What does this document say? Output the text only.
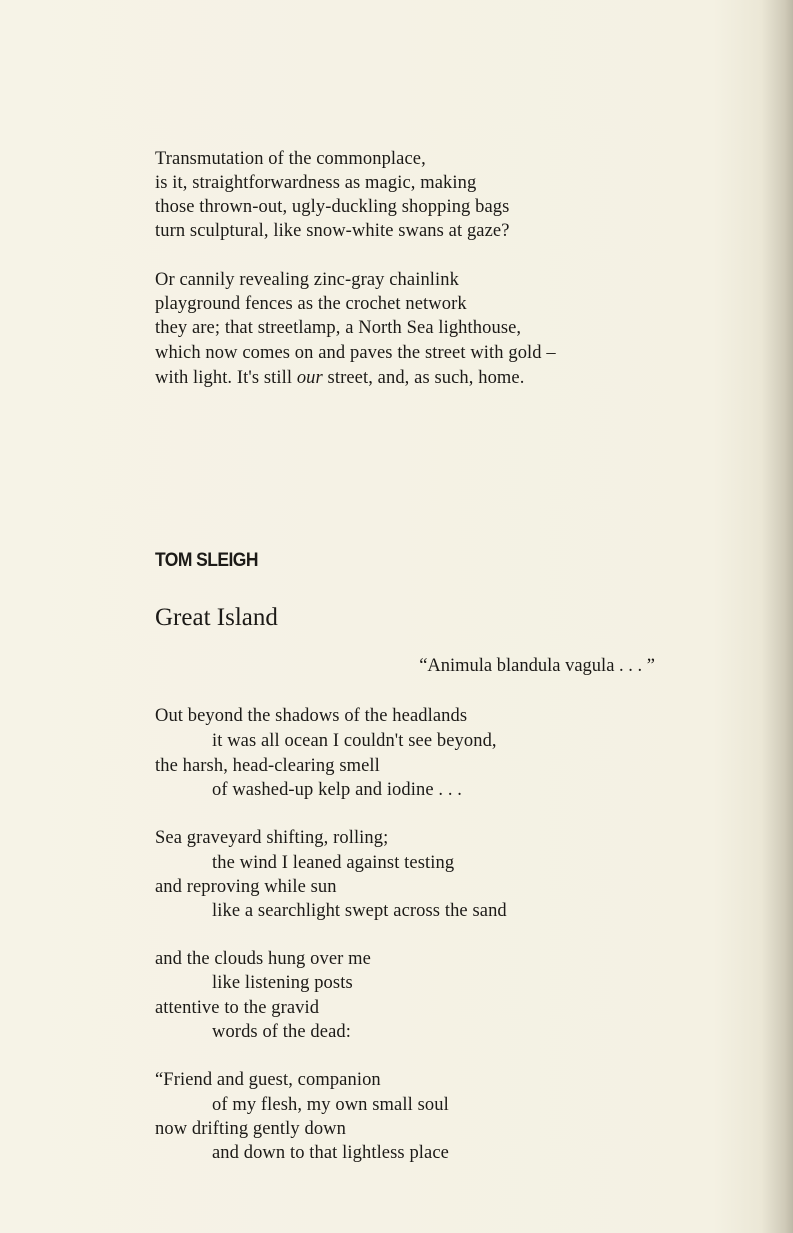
Transmutation of the commonplace,
is it, straightforwardness as magic, making
those thrown-out, ugly-duckling shopping bags
turn sculptural, like snow-white swans at gaze?
Or cannily revealing zinc-gray chainlink
playground fences as the crochet network
they are; that streetlamp, a North Sea lighthouse,
which now comes on and paves the street with gold –
with light. It's still our street, and, as such, home.
TOM SLEIGH
Great Island
“Animula blandula vagula . . . ”
Out beyond the shadows of the headlands
it was all ocean I couldn't see beyond,
the harsh, head-clearing smell
of washed-up kelp and iodine . . .
Sea graveyard shifting, rolling;
the wind I leaned against testing
and reproving while sun
like a searchlight swept across the sand
and the clouds hung over me
like listening posts
attentive to the gravid
words of the dead:
“Friend and guest, companion
of my flesh, my own small soul
now drifting gently down
and down to that lightless place
